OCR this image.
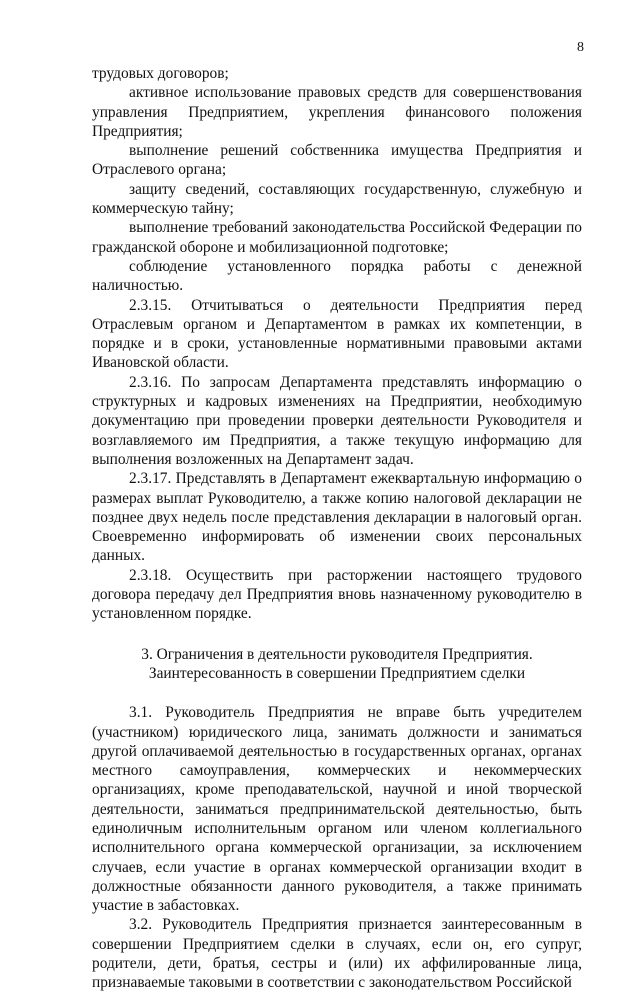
8

трудовых договоров;

активное использование правовых средств для совершенствования управления Предприятием, укрепления финансового положения Предприятия;

выполнение решений собственника имущества Предприятия и Отраслевого органа;

защиту сведений, составляющих государственную, служебную и коммерческую тайну;

выполнение требований законодательства Российской Федерации по гражданской обороне и мобилизационной подготовке;

соблюдение установленного порядка работы с денежной наличностью.

2.3.15. Отчитываться о деятельности Предприятия перед Отраслевым органом и Департаментом в рамках их компетенции, в порядке и в сроки, установленные нормативными правовыми актами Ивановской области.

2.3.16. По запросам Департамента представлять информацию о структурных и кадровых изменениях на Предприятии, необходимую документацию при проведении проверки деятельности Руководителя и возглавляемого им Предприятия, а также текущую информацию для выполнения возложенных на Департамент задач.

2.3.17. Представлять в Департамент ежеквартальную информацию о размерах выплат Руководителю, а также копию налоговой декларации не позднее двух недель после представления декларации в налоговый орган. Своевременно информировать об изменении своих персональных данных.

2.3.18. Осуществить при расторжении настоящего трудового договора передачу дел Предприятия вновь назначенному руководителю в установленном порядке.

3. Ограничения в деятельности руководителя Предприятия.

Заинтересованность в совершении Предприятием сделки

3.1. Руководитель Предприятия не вправе быть учредителем (участником) юридического лица, занимать должности и заниматься другой оплачиваемой деятельностью в государственных органах, органах местного самоуправления, коммерческих и некоммерческих организациях, кроме преподавательской, научной и иной творческой деятельности, заниматься предпринимательской деятельностью, быть единоличным исполнительным органом или членом коллегиального исполнительного органа коммерческой организации, за исключением случаев, если участие в органах коммерческой организации входит в должностные обязанности данного руководителя, а также принимать участие в забастовках.

3.2. Руководитель Предприятия признается заинтересованным в совершении Предприятием сделки в случаях, если он, его супруг, родители, дети, братья, сестры и (или) их аффилированные лица, признаваемые таковыми в соответствии с законодательством Российской
